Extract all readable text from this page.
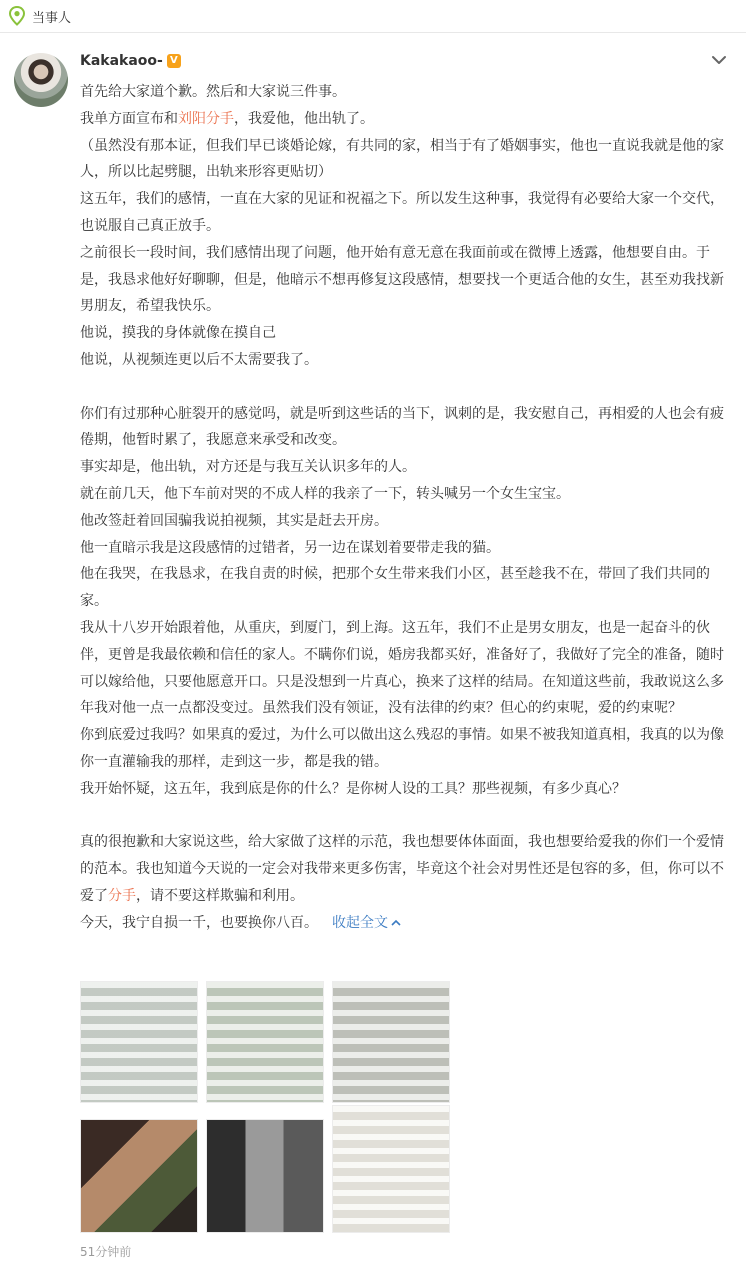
当事人
Kakakaoo- V

首先给大家道个歉。然后和大家说三件事。

我单方面宣布和刘阳分手，我爱他，他出轨了。

（虽然没有那本证，但我们早已谈婚论嫁，有共同的家，相当于有了婚姻事实，他也一直说我就是他的家人，所以比起劈腿，出轨来形容更贴切）

这五年，我们的感情，一直在大家的见证和祝福之下。所以发生这种事，我觉得有必要给大家一个交代，也说服自己真正放手。

之前很长一段时间，我们感情出现了问题，他开始有意无意在我面前或在微博上透露，他想要自由。于是，我恳求他好好聊聊，但是，他暗示不想再修复这段感情，想要找一个更适合他的女生，甚至劝我找新男朋友，希望我快乐。

他说，摸我的身体就像在摸自己

他说，从视频连更以后不太需要我了。

你们有过那种心脏裂开的感觉吗，就是听到这些话的当下，讽刺的是，我安慰自己，再相爱的人也会有疲倦期，他暂时累了，我愿意来承受和改变。

事实却是，他出轨，对方还是与我互关认识多年的人。

就在前几天，他下车前对哭的不成人样的我亲了一下，转头喊另一个女生宝宝。

他改签赶着回国骗我说拍视频，其实是赶去开房。

他一直暗示我是这段感情的过错者，另一边在谋划着要带走我的猫。

他在我哭，在我恳求，在我自责的时候，把那个女生带来我们小区，甚至趁我不在，带回了我们共同的家。

我从十八岁开始跟着他，从重庆，到厦门，到上海。这五年，我们不止是男女朋友，也是一起奋斗的伙伴，更曾是我最依赖和信任的家人。不瞒你们说，婚房我都买好，准备好了，我做好了完全的准备，随时可以嫁给他，只要他愿意开口。只是没想到一片真心，换来了这样的结局。在知道这些前，我敢说这么多年我对他一点一点都没变过。虽然我们没有领证，没有法律的约束？但心的约束呢，爱的约束呢？

你到底爱过我吗？如果真的爱过，为什么可以做出这么残忍的事情。如果不被我知道真相，我真的以为像你一直灌输我的那样，走到这一步，都是我的错。

我开始怀疑，这五年，我到底是你的什么？是你树人设的工具？那些视频，有多少真心？

真的很抱歉和大家说这些，给大家做了这样的示范，我也想要体体面面，我也想要给爱我的你们一个爱情的范本。我也知道今天说的一定会对我带来更多伤害，毕竟这个社会对男性还是包容的多，但，你可以不爱了分手，请不要这样欺骗和利用。

今天，我宁自损一千，也要换你八百。 收起全文

51分钟前
